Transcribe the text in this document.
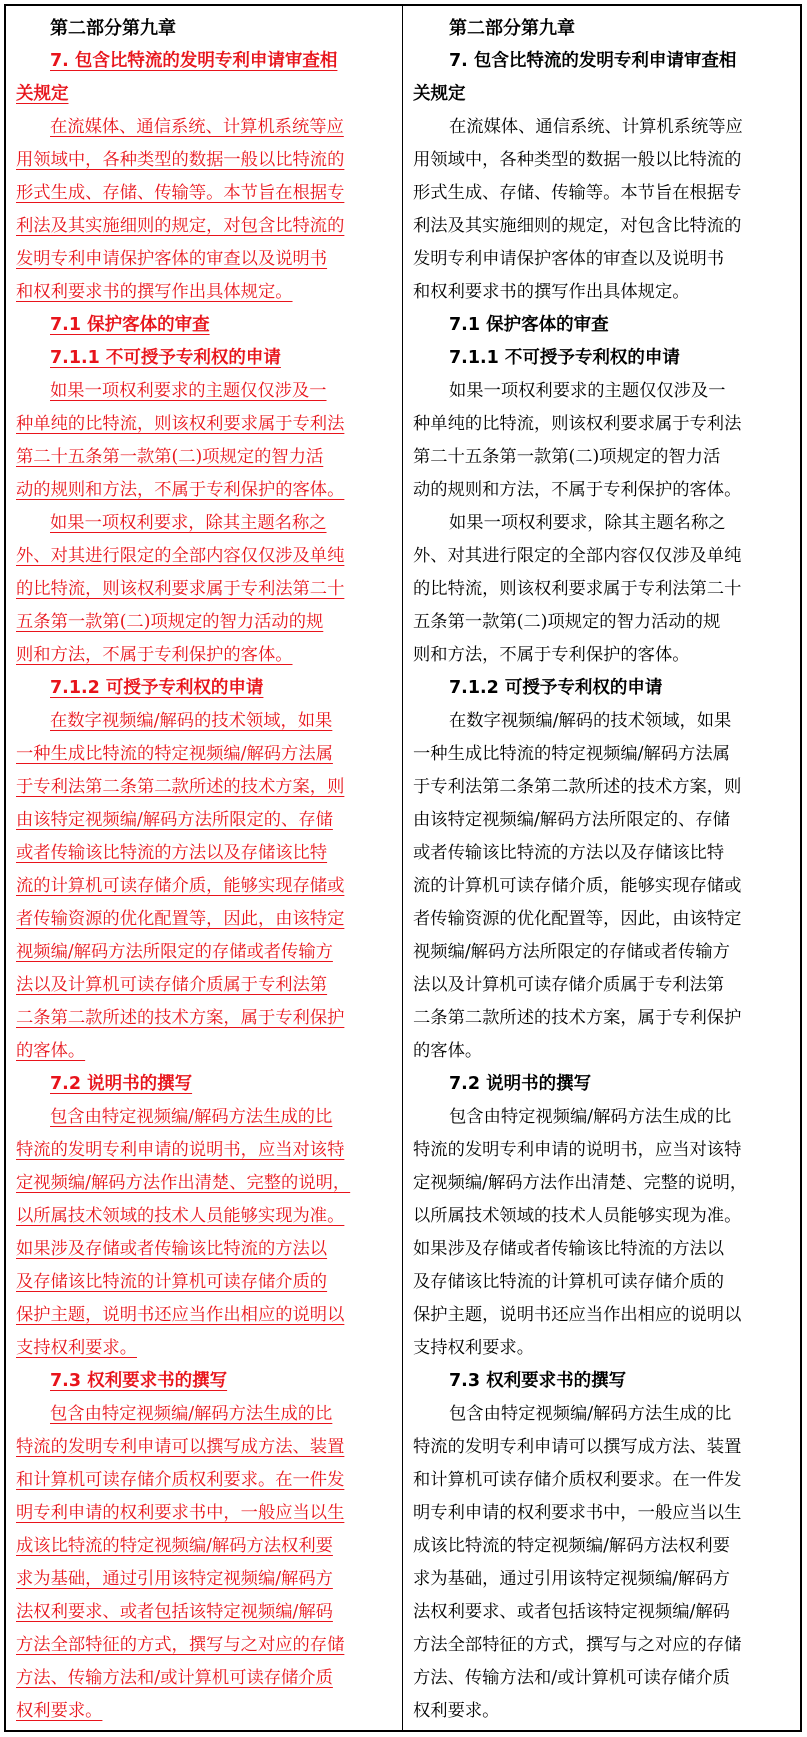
第二部分第九章
7. 包含比特流的发明专利申请审查相
关规定
在流媒体、通信系统、计算机系统等应
用领域中，各种类型的数据一般以比特流的
形式生成、存储、传输等。本节旨在根据专
利法及其实施细则的规定，对包含比特流的
发明专利申请保护客体的审查以及说明书
和权利要求书的撰写作出具体规定。
7.1 保护客体的审查
7.1.1 不可授予专利权的申请
如果一项权利要求的主题仅仅涉及一
种单纯的比特流，则该权利要求属于专利法
第二十五条第一款第(二)项规定的智力活
动的规则和方法，不属于专利保护的客体。
如果一项权利要求，除其主题名称之
外、对其进行限定的全部内容仅仅涉及单纯
的比特流，则该权利要求属于专利法第二十
五条第一款第(二)项规定的智力活动的规
则和方法，不属于专利保护的客体。
7.1.2 可授予专利权的申请
在数字视频编/解码的技术领域，如果
一种生成比特流的特定视频编/解码方法属
于专利法第二条第二款所述的技术方案，则
由该特定视频编/解码方法所限定的、存储
或者传输该比特流的方法以及存储该比特
流的计算机可读存储介质，能够实现存储或
者传输资源的优化配置等，因此，由该特定
视频编/解码方法所限定的存储或者传输方
法以及计算机可读存储介质属于专利法第
二条第二款所述的技术方案，属于专利保护
的客体。
7.2 说明书的撰写
包含由特定视频编/解码方法生成的比
特流的发明专利申请的说明书，应当对该特
定视频编/解码方法作出清楚、完整的说明，
以所属技术领域的技术人员能够实现为准。
如果涉及存储或者传输该比特流的方法以
及存储该比特流的计算机可读存储介质的
保护主题，说明书还应当作出相应的说明以
支持权利要求。
7.3 权利要求书的撰写
包含由特定视频编/解码方法生成的比
特流的发明专利申请可以撰写成方法、装置
和计算机可读存储介质权利要求。在一件发
明专利申请的权利要求书中，一般应当以生
成该比特流的特定视频编/解码方法权利要
求为基础，通过引用该特定视频编/解码方
法权利要求、或者包括该特定视频编/解码
方法全部特征的方式，撰写与之对应的存储
方法、传输方法和/或计算机可读存储介质
权利要求。
第二部分第九章
7. 包含比特流的发明专利申请审查相
关规定
在流媒体、通信系统、计算机系统等应
用领域中，各种类型的数据一般以比特流的
形式生成、存储、传输等。本节旨在根据专
利法及其实施细则的规定，对包含比特流的
发明专利申请保护客体的审查以及说明书
和权利要求书的撰写作出具体规定。
7.1 保护客体的审查
7.1.1 不可授予专利权的申请
如果一项权利要求的主题仅仅涉及一
种单纯的比特流，则该权利要求属于专利法
第二十五条第一款第(二)项规定的智力活
动的规则和方法，不属于专利保护的客体。
如果一项权利要求，除其主题名称之
外、对其进行限定的全部内容仅仅涉及单纯
的比特流，则该权利要求属于专利法第二十
五条第一款第(二)项规定的智力活动的规
则和方法，不属于专利保护的客体。
7.1.2 可授予专利权的申请
在数字视频编/解码的技术领域，如果
一种生成比特流的特定视频编/解码方法属
于专利法第二条第二款所述的技术方案，则
由该特定视频编/解码方法所限定的、存储
或者传输该比特流的方法以及存储该比特
流的计算机可读存储介质，能够实现存储或
者传输资源的优化配置等，因此，由该特定
视频编/解码方法所限定的存储或者传输方
法以及计算机可读存储介质属于专利法第
二条第二款所述的技术方案，属于专利保护
的客体。
7.2 说明书的撰写
包含由特定视频编/解码方法生成的比
特流的发明专利申请的说明书，应当对该特
定视频编/解码方法作出清楚、完整的说明，
以所属技术领域的技术人员能够实现为准。
如果涉及存储或者传输该比特流的方法以
及存储该比特流的计算机可读存储介质的
保护主题，说明书还应当作出相应的说明以
支持权利要求。
7.3 权利要求书的撰写
包含由特定视频编/解码方法生成的比
特流的发明专利申请可以撰写成方法、装置
和计算机可读存储介质权利要求。在一件发
明专利申请的权利要求书中，一般应当以生
成该比特流的特定视频编/解码方法权利要
求为基础，通过引用该特定视频编/解码方
法权利要求、或者包括该特定视频编/解码
方法全部特征的方式，撰写与之对应的存储
方法、传输方法和/或计算机可读存储介质
权利要求。
